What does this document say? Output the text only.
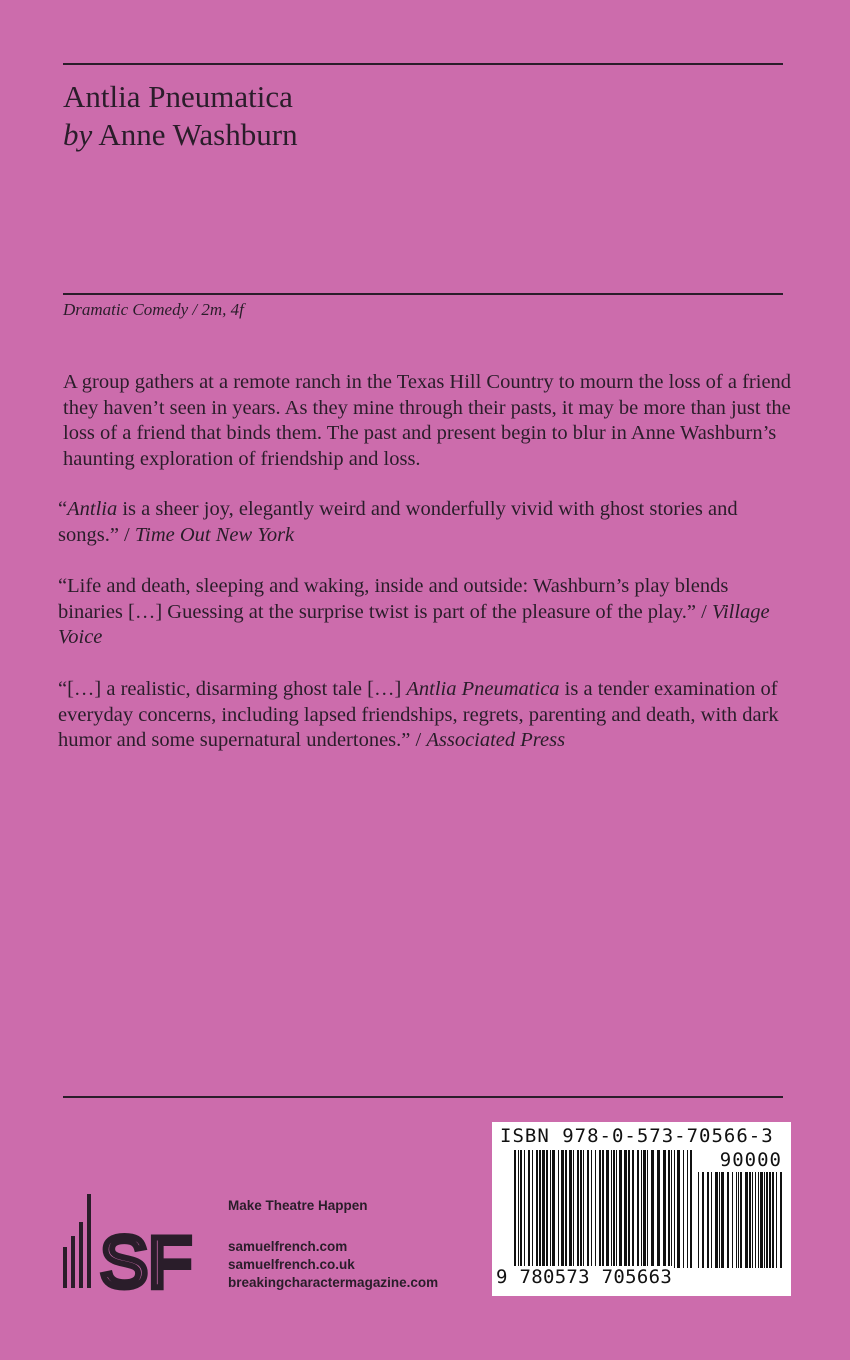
Antlia Pneumatica
by Anne Washburn
Dramatic Comedy / 2m, 4f
A group gathers at a remote ranch in the Texas Hill Country to mourn the loss of a friend they haven’t seen in years. As they mine through their pasts, it may be more than just the loss of a friend that binds them. The past and present begin to blur in Anne Washburn’s haunting exploration of friendship and loss.
“Antlia is a sheer joy, elegantly weird and wonderfully vivid with ghost stories and songs.” / Time Out New York
“Life and death, sleeping and waking, inside and outside: Washburn’s play blends binaries […] Guessing at the surprise twist is part of the pleasure of the play.” / Village Voice
“[…] a realistic, disarming ghost tale […] Antlia Pneumatica is a tender examination of everyday concerns, including lapsed friendships, regrets, parenting and death, with dark humor and some supernatural undertones.” / Associated Press
SF
Make Theatre Happen
samuelfrench.com
samuelfrench.co.uk
breakingcharactermagazine.com
ISBN 978-0-573-70566-3
90000
9 780573 705663
